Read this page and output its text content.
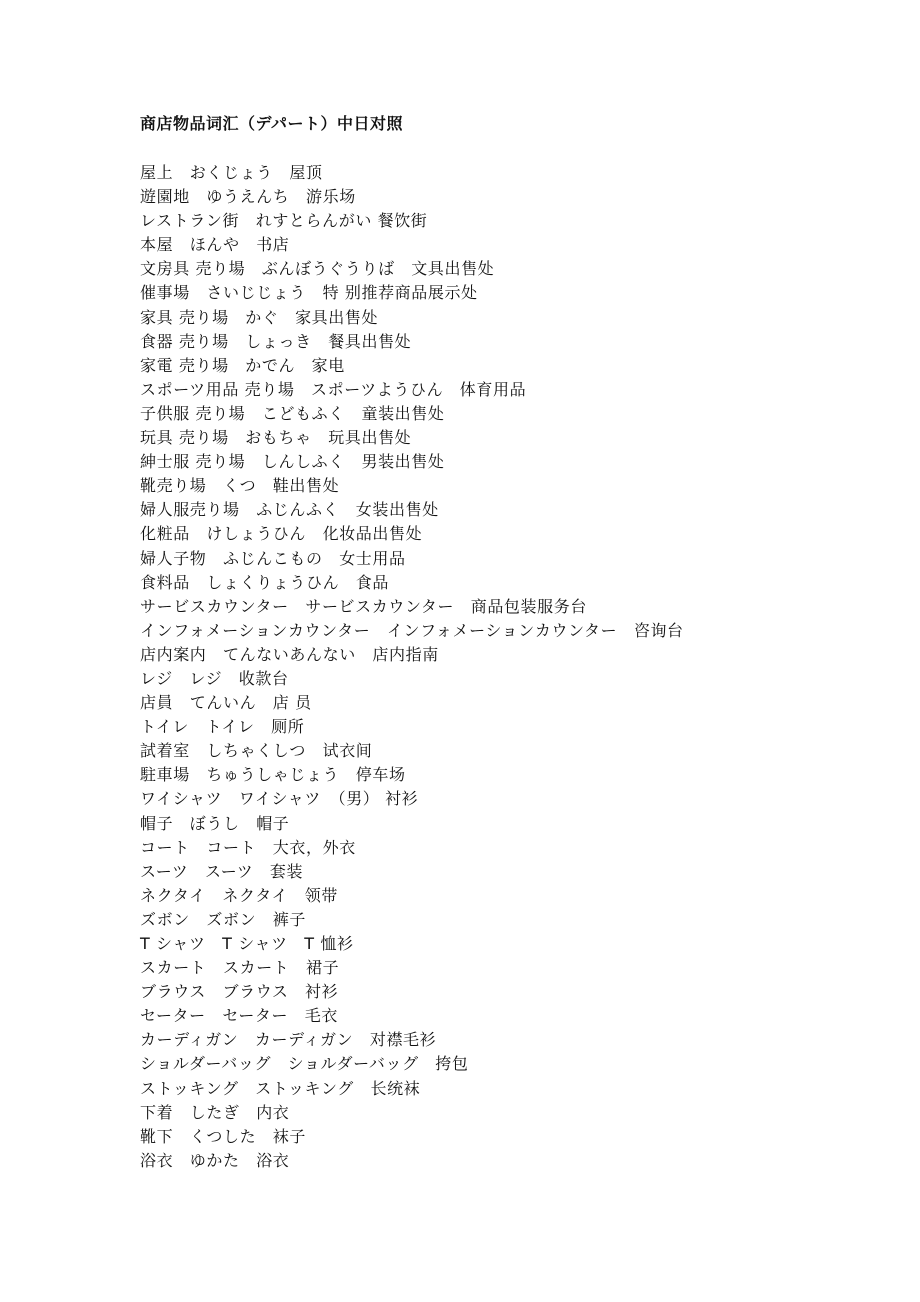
商店物品词汇（デパート）中日对照
屋上　おくじょう　屋顶
遊園地　ゆうえんち　游乐场
レストラン街　れすとらんがい 餐饮街
本屋　ほんや　书店
文房具 売り場　ぶんぼうぐうりば　文具出售处
催事場　さいじじょう　特 别推荐商品展示处
家具 売り場　かぐ　家具出售处
食器 売り場　しょっき　餐具出售处
家電 売り場　かでん　家电
スポーツ用品 売り場　スポーツようひん　体育用品
子供服 売り場　こどもふく　童装出售处
玩具 売り場　おもちゃ　玩具出售处
紳士服 売り場　しんしふく　男装出售处
靴売り場　くつ　鞋出售处
婦人服売り場　ふじんふく　女装出售处
化粧品　けしょうひん　化妆品出售处
婦人子物　ふじんこもの　女士用品
食料品　しょくりょうひん　食品
サービスカウンター　サービスカウンター　商品包装服务台
インフォメーションカウンター　インフォメーションカウンター　咨询台
店内案内　てんないあんない　店内指南
レジ　レジ　收款台
店員　てんいん　店 员
トイレ　トイレ　厕所
試着室　しちゃくしつ　试衣间
駐車場　ちゅうしゃじょう　停车场
ワイシャツ　ワイシャツ　（男） 衬衫
帽子　ぼうし　帽子
コート　コート　大衣，外衣
スーツ　スーツ　套装
ネクタイ　ネクタイ　领带
ズボン　ズボン　裤子
T シャツ　T シャツ　T 恤衫
スカート　スカート　裙子
ブラウス　ブラウス　衬衫
セーター　セーター　毛衣
カーディガン　カーディガン　对襟毛衫
ショルダーバッグ　ショルダーバッグ　挎包
ストッキング　ストッキング　长统袜
下着　したぎ　内衣
靴下　くつした　袜子
浴衣　ゆかた　浴衣
